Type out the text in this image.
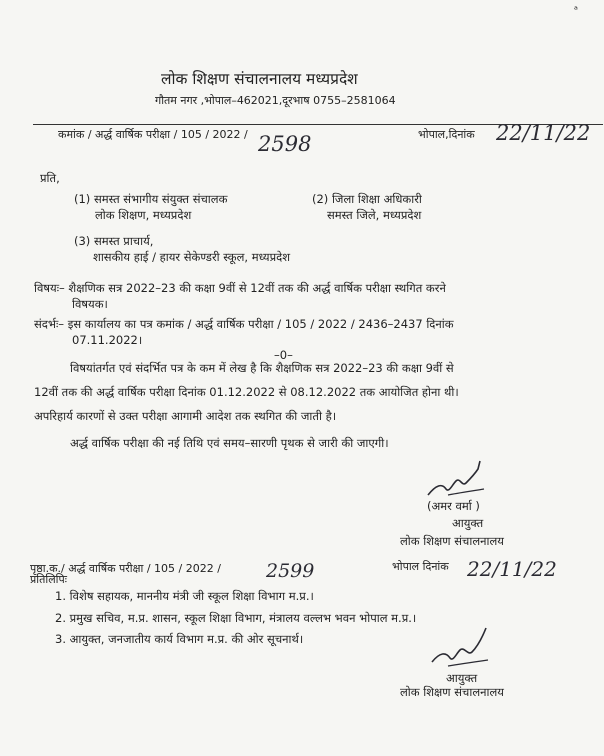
ᵃ
लोक शिक्षण संचालनालय मध्यप्रदेश
गौतम नगर ,भोपाल–462021,दूरभाष 0755–2581064
कमांक / अर्द्ध वार्षिक परीक्षा / 105 / 2022 / 2598	भोपाल,दिनांक 22/11/22
प्रति,
(1) समस्त संभागीय संयुक्त संचालक
लोक शिक्षण, मध्यप्रदेश
(2) जिला शिक्षा अधिकारी
समस्त जिले, मध्यप्रदेश
(3) समस्त प्राचार्य,
शासकीय हाई / हायर सेकेण्डरी स्कूल, मध्यप्रदेश
विषयः– शैक्षणिक सत्र 2022–23 की कक्षा 9वीं से 12वीं तक की अर्द्ध वार्षिक परीक्षा स्थगित करने
विषयक।
संदर्भः– इस कार्यालय का पत्र कमांक / अर्द्ध वार्षिक परीक्षा / 105 / 2022 / 2436–2437 दिनांक
07.11.2022।
–0–
विषयांतर्गत एवं संदर्भित पत्र के कम में लेख है कि शैक्षणिक सत्र 2022–23 की कक्षा 9वीं से
12वीं तक की अर्द्ध वार्षिक परीक्षा दिनांक 01.12.2022 से 08.12.2022 तक आयोजित होना थी।
अपरिहार्य कारणों से उक्त परीक्षा आगामी आदेश तक स्थगित की जाती है।
अर्द्ध वार्षिक परीक्षा की नई तिथि एवं समय–सारणी पृथक से जारी की जाएगी।
(अमर वर्मा )
आयुक्त
लोक शिक्षण संचालनालय
पृष्ठा.क./ अर्द्ध वार्षिक परीक्षा / 105 / 2022 / 2599	भोपाल दिनांक 22/11/22
प्रतिलिपिः
1. विशेष सहायक, माननीय मंत्री जी स्कूल शिक्षा विभाग म.प्र.।
2. प्रमुख सचिव, म.प्र. शासन, स्कूल शिक्षा विभाग, मंत्रालय वल्लभ भवन भोपाल म.प्र.।
3. आयुक्त, जनजातीय कार्य विभाग म.प्र. की ओर सूचनार्थ।
आयुक्त
लोक शिक्षण संचालनालय
